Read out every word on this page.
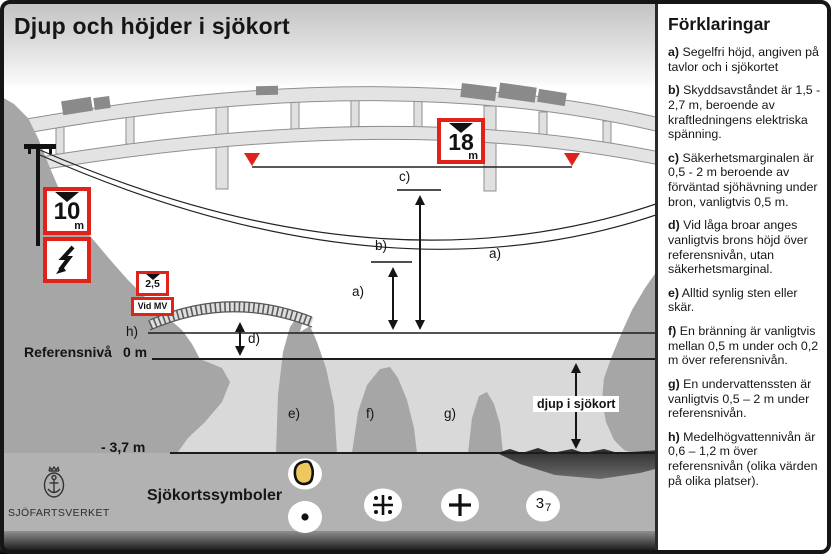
Djup och höjder i sjökort
18
m
10
m
2,5
Vid MV
c)
b)
a)
a)
h)	d)
Referensnivå 0 m
e)	f)	g)
- 3,7 m
djup i sjökort
Sjökortssymboler	37
SJÖFARTSVERKET
Förklaringar

a) Segelfri höjd, angiven på tavlor och i sjökortet

b) Skyddsavståndet är 1,5 - 2,7 m, beroende av kraftledningens elektriska spänning.

c) Säkerhetsmarginalen är 0,5 - 2 m beroende av förväntad sjöhävning under bron, vanligtvis 0,5 m.

d) Vid låga broar anges vanligtvis brons höjd över referensnivån, utan säkerhetsmarginal.

e) Alltid synlig sten eller skär.

f) En bränning är vanligtvis mellan 0,5 m under och 0,2 m över referensnivån.

g) En undervattenssten är vanligtvis 0,5 – 2 m under referensnivån.

h) Medelhögvattennivån är 0,6 – 1,2 m över referensnivån (olika värden på olika platser).
